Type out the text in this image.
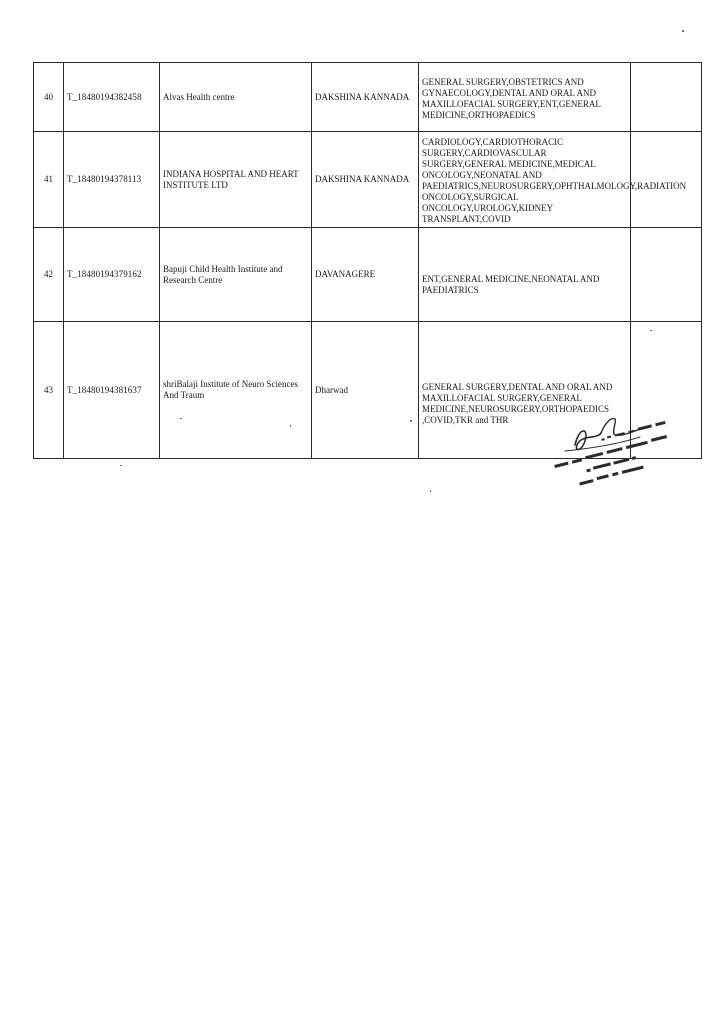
40	T_18480194382458	Alvas Health centre	DAKSHINA KANNADA	GENERAL SURGERY,OBSTETRICS AND GYNAECOLOGY,DENTAL AND ORAL AND MAXILLOFACIAL SURGERY,ENT,GENERAL MEDICINE,ORTHOPAEDICS	
41	T_18480194378113	INDIANA HOSPITAL AND HEART INSTITUTE LTD	DAKSHINA KANNADA	CARDIOLOGY,CARDIOTHORACIC SURGERY,CARDIOVASCULAR SURGERY,GENERAL MEDICINE,MEDICAL ONCOLOGY,NEONATAL AND PAEDIATRICS,NEUROSURGERY,OPHTHALMOLOGY,RADIATION ONCOLOGY,SURGICAL ONCOLOGY,UROLOGY,KIDNEY TRANSPLANT,COVID	
42	T_18480194379162	Bapuji Child Health Institute and Research Centre	DAVANAGERE	ENT,GENERAL MEDICINE,NEONATAL AND PAEDIATRICS	
43	T_18480194381637	shriBalaji Institute of Neuro Sciences And Traum	Dharwad	GENERAL SURGERY,DENTAL AND ORAL AND MAXILLOFACIAL SURGERY,GENERAL MEDICINE,NEUROSURGERY,ORTHOPAEDICS ,COVID,TKR and THR	
